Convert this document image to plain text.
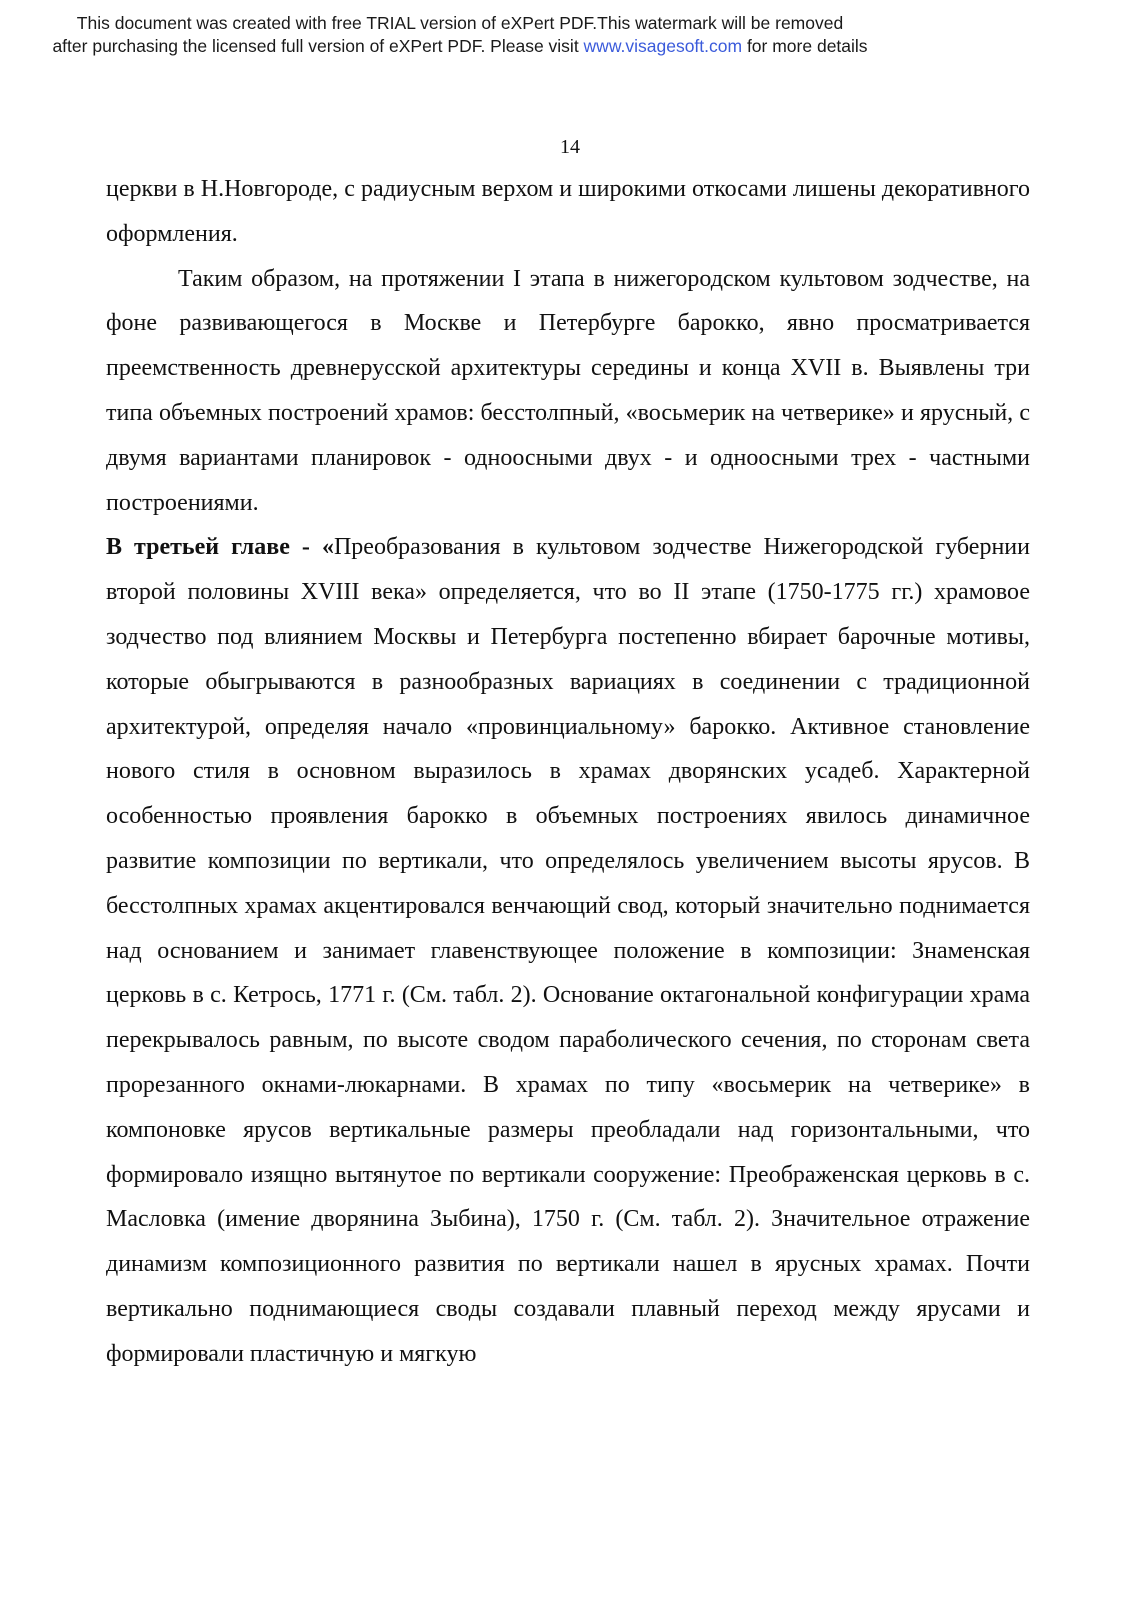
This document was created with free TRIAL version of eXPert PDF.This watermark will be removed
after purchasing the licensed full version of eXPert PDF. Please visit www.visagesoft.com for more details
14

церкви в Н.Новгороде, с радиусным верхом и широкими откосами лишены декоративного оформления.

Таким образом, на протяжении I этапа в нижегородском культовом зодчестве, на фоне развивающегося в Москве и Петербурге барокко, явно просматривается преемственность древнерусской архитектуры середины и конца XVII в. Выявлены три типа объемных построений храмов: бесстолпный, «восьмерик на четверике» и ярусный, с двумя вариантами планировок - одноосными двух - и одноосными трех - частными построениями.

В третьей главе - «Преобразования в культовом зодчестве Нижегородской губернии второй половины XVIII века» определяется, что во II этапе (1750-1775 гг.) храмовое зодчество под влиянием Москвы и Петербурга постепенно вбирает барочные мотивы, которые обыгрываются в разнообразных вариациях в соединении с традиционной архитектурой, определяя начало «провинциальному» барокко. Активное становление нового стиля в основном выразилось в храмах дворянских усадеб. Характерной особенностью проявления барокко в объемных построениях явилось динамичное развитие композиции по вертикали, что определялось увеличением высоты ярусов. В бесстолпных храмах акцентировался венчающий свод, который значительно поднимается над основанием и занимает главенствующее положение в композиции: Знаменская церковь в с. Кетрось, 1771 г. (См. табл. 2). Основание октагональной конфигурации храма перекрывалось равным, по высоте сводом параболического сечения, по сторонам света прорезанного окнами-люкарнами. В храмах по типу «восьмерик на четверике» в компоновке ярусов вертикальные размеры преобладали над горизонтальными, что формировало изящно вытянутое по вертикали сооружение: Преображенская церковь в с. Масловка (имение дворянина Зыбина), 1750 г. (См. табл. 2). Значительное отражение динамизм композиционного развития по вертикали нашел в ярусных храмах. Почти вертикально поднимающиеся своды создавали плавный переход между ярусами и формировали пластичную и мягкую
